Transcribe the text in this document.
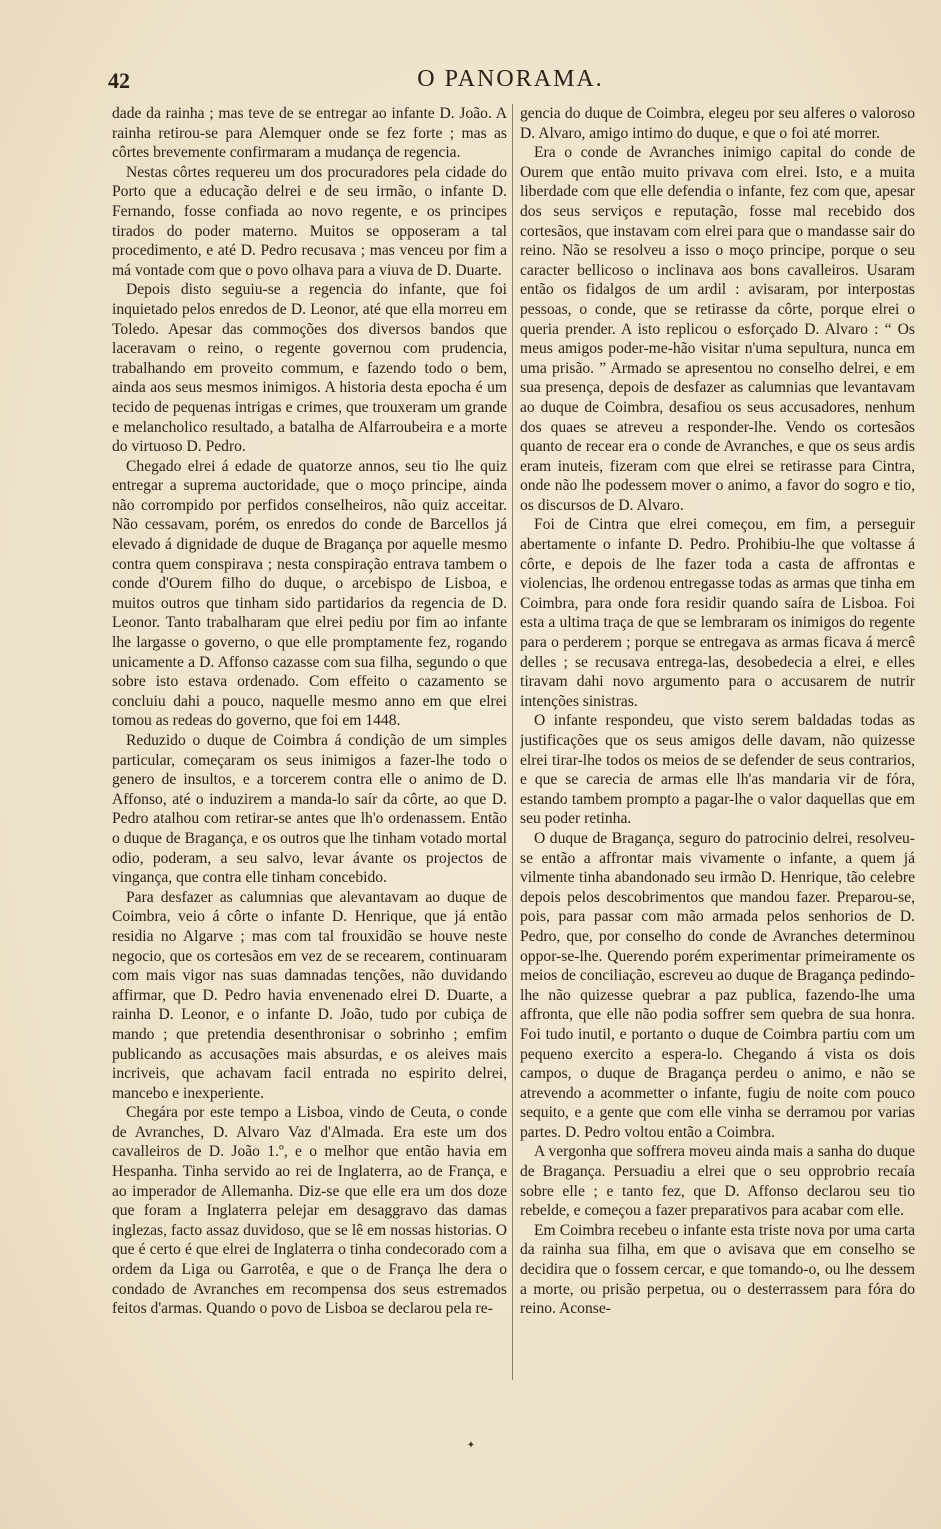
42	O PANORAMA.

dade da rainha ; mas teve de se entregar ao infante D. João. A rainha retirou-se para Alemquer onde se fez forte ; mas as côrtes brevemente confirmaram a mudança de regencia.

Nestas côrtes requereu um dos procuradores pela cidade do Porto que a educação delrei e de seu irmão, o infante D. Fernando, fosse confiada ao novo regente, e os principes tirados do poder materno. Muitos se opposeram a tal procedimento, e até D. Pedro recusava ; mas venceu por fim a má vontade com que o povo olhava para a viuva de D. Duarte.

Depois disto seguiu-se a regencia do infante, que foi inquietado pelos enredos de D. Leonor, até que ella morreu em Toledo. Apesar das commoções dos diversos bandos que laceravam o reino, o regente governou com prudencia, trabalhando em proveito commum, e fazendo todo o bem, ainda aos seus mesmos inimigos. A historia desta epocha é um tecido de pequenas intrigas e crimes, que trouxeram um grande e melancholico resultado, a batalha de Alfarroubeira e a morte do virtuoso D. Pedro.

Chegado elrei á edade de quatorze annos, seu tio lhe quiz entregar a suprema auctoridade, que o moço principe, ainda não corrompido por perfidos conselheiros, não quiz acceitar. Não cessavam, porém, os enredos do conde de Barcellos já elevado á dignidade de duque de Bragança por aquelle mesmo contra quem conspirava ; nesta conspiração entrava tambem o conde d'Ourem filho do duque, o arcebispo de Lisboa, e muitos outros que tinham sido partidarios da regencia de D. Leonor. Tanto trabalharam que elrei pediu por fim ao infante lhe largasse o governo, o que elle promptamente fez, rogando unicamente a D. Affonso cazasse com sua filha, segundo o que sobre isto estava ordenado. Com effeito o cazamento se concluiu dahi a pouco, naquelle mesmo anno em que elrei tomou as redeas do governo, que foi em 1448.

Reduzido o duque de Coimbra á condição de um simples particular, começaram os seus inimigos a fazer-lhe todo o genero de insultos, e a torcerem contra elle o animo de D. Affonso, até o induzirem a manda-lo saír da côrte, ao que D. Pedro atalhou com retirar-se antes que lh'o ordenassem. Então o duque de Bragança, e os outros que lhe tinham votado mortal odio, poderam, a seu salvo, levar ávante os projectos de vingança, que contra elle tinham concebido.

Para desfazer as calumnias que alevantavam ao duque de Coimbra, veio á côrte o infante D. Henrique, que já então residia no Algarve ; mas com tal frouxidão se houve neste negocio, que os cortesãos em vez de se recearem, continuaram com mais vigor nas suas damnadas tenções, não duvidando affirmar, que D. Pedro havia envenenado elrei D. Duarte, a rainha D. Leonor, e o infante D. João, tudo por cubiça de mando ; que pretendia desenthronisar o sobrinho ; emfim publicando as accusações mais absurdas, e os aleives mais incriveis, que achavam facil entrada no espirito delrei, mancebo e inexperiente.

Chegára por este tempo a Lisboa, vindo de Ceuta, o conde de Avranches, D. Alvaro Vaz d'Almada. Era este um dos cavalleiros de D. João 1.º, e o melhor que então havia em Hespanha. Tinha servido ao rei de Inglaterra, ao de França, e ao imperador de Allemanha. Diz-se que elle era um dos doze que foram a Inglaterra pelejar em desaggravo das damas inglezas, facto assaz duvidoso, que se lê em nossas historias. O que é certo é que elrei de Inglaterra o tinha condecorado com a ordem da Liga ou Garrotêa, e que o de França lhe dera o condado de Avranches em recompensa dos seus estremados feitos d'armas. Quando o povo de Lisboa se declarou pela re-

gencia do duque de Coimbra, elegeu por seu alferes o valoroso D. Alvaro, amigo intimo do duque, e que o foi até morrer.

Era o conde de Avranches inimigo capital do conde de Ourem que então muito privava com elrei. Isto, e a muita liberdade com que elle defendia o infante, fez com que, apesar dos seus serviços e reputação, fosse mal recebido dos cortesãos, que instavam com elrei para que o mandasse sair do reino. Não se resolveu a isso o moço principe, porque o seu caracter bellicoso o inclinava aos bons cavalleiros. Usaram então os fidalgos de um ardil : avisaram, por interpostas pessoas, o conde, que se retirasse da côrte, porque elrei o queria prender. A isto replicou o esforçado D. Alvaro : “ Os meus amigos poder-me-hão visitar n'uma sepultura, nunca em uma prisão. ” Armado se apresentou no conselho delrei, e em sua presença, depois de desfazer as calumnias que levantavam ao duque de Coimbra, desafiou os seus accusadores, nenhum dos quaes se atreveu a responder-lhe. Vendo os cortesãos quanto de recear era o conde de Avranches, e que os seus ardis eram inuteis, fizeram com que elrei se retirasse para Cintra, onde não lhe podessem mover o animo, a favor do sogro e tio, os discursos de D. Alvaro.

Foi de Cintra que elrei começou, em fim, a perseguir abertamente o infante D. Pedro. Prohibiu-lhe que voltasse á côrte, e depois de lhe fazer toda a casta de affrontas e violencias, lhe ordenou entregasse todas as armas que tinha em Coimbra, para onde fora residir quando saíra de Lisboa. Foi esta a ultima traça de que se lembraram os inimigos do regente para o perderem ; porque se entregava as armas ficava á mercê delles ; se recusava entrega-las, desobedecia a elrei, e elles tiravam dahi novo argumento para o accusarem de nutrir intenções sinistras.

O infante respondeu, que visto serem baldadas todas as justificações que os seus amigos delle davam, não quizesse elrei tirar-lhe todos os meios de se defender de seus contrarios, e que se carecia de armas elle lh'as mandaria vir de fóra, estando tambem prompto a pagar-lhe o valor daquellas que em seu poder retinha.

O duque de Bragança, seguro do patrocinio delrei, resolveu-se então a affrontar mais vivamente o infante, a quem já vilmente tinha abandonado seu irmão D. Henrique, tão celebre depois pelos descobrimentos que mandou fazer. Preparou-se, pois, para passar com mão armada pelos senhorios de D. Pedro, que, por conselho do conde de Avranches determinou oppor-se-lhe. Querendo porém experimentar primeiramente os meios de conciliação, escreveu ao duque de Bragança pedindo-lhe não quizesse quebrar a paz publica, fazendo-lhe uma affronta, que elle não podia soffrer sem quebra de sua honra. Foi tudo inutil, e portanto o duque de Coimbra partiu com um pequeno exercito a espera-lo. Chegando á vista os dois campos, o duque de Bragança perdeu o animo, e não se atrevendo a acommetter o infante, fugiu de noite com pouco sequito, e a gente que com elle vinha se derramou por varias partes. D. Pedro voltou então a Coimbra.

A vergonha que soffrera moveu ainda mais a sanha do duque de Bragança. Persuadiu a elrei que o seu opprobrio recaía sobre elle ; e tanto fez, que D. Affonso declarou seu tio rebelde, e começou a fazer preparativos para acabar com elle.

Em Coimbra recebeu o infante esta triste nova por uma carta da rainha sua filha, em que o avisava que em conselho se decidira que o fossem cercar, e que tomando-o, ou lhe dessem a morte, ou prisão perpetua, ou o desterrassem para fóra do reino. Aconse-

✦
